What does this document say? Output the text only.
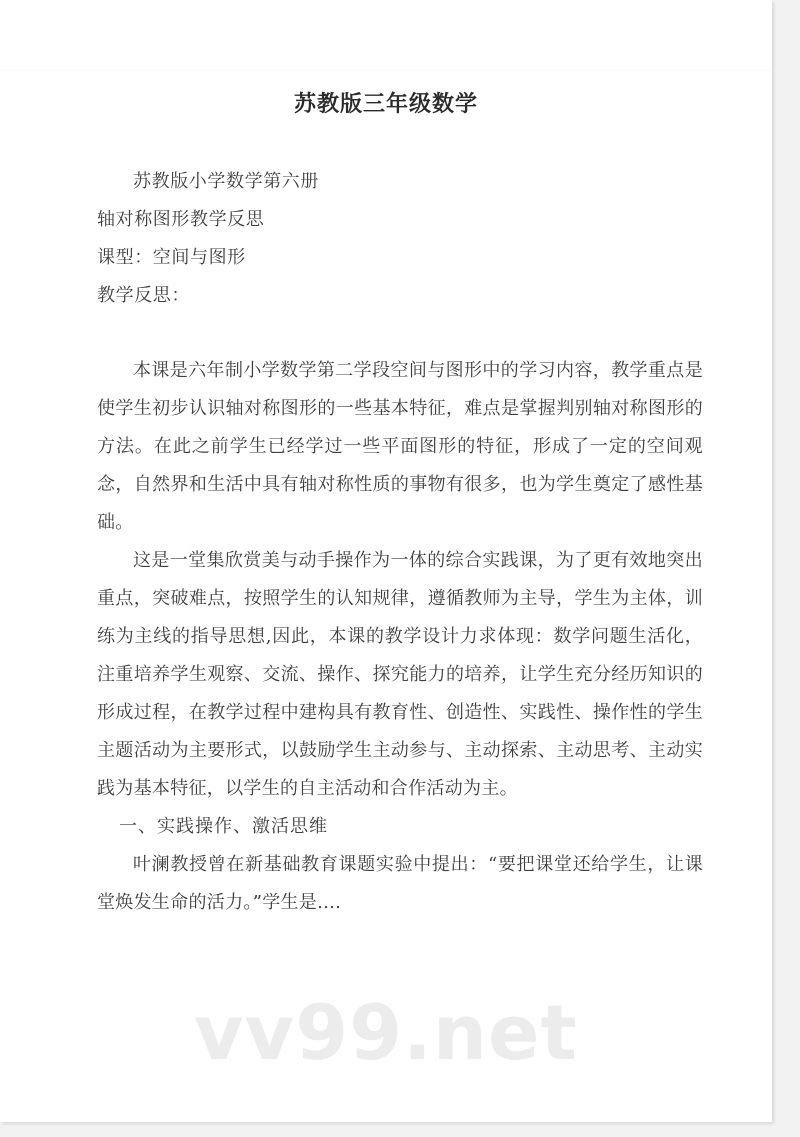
vv99.net
苏教版三年级数学
苏教版小学数学第六册
轴对称图形教学反思
课型：空间与图形
教学反思：

本课是六年制小学数学第二学段空间与图形中的学习内容，教学重点是使学生初步认识轴对称图形的一些基本特征，难点是掌握判别轴对称图形的方法。在此之前学生已经学过一些平面图形的特征，形成了一定的空间观念，自然界和生活中具有轴对称性质的事物有很多，也为学生奠定了感性基础。

这是一堂集欣赏美与动手操作为一体的综合实践课，为了更有效地突出重点，突破难点，按照学生的认知规律，遵循教师为主导，学生为主体，训练为主线的指导思想,因此，本课的教学设计力求体现：数学问题生活化，注重培养学生观察、交流、操作、探究能力的培养，让学生充分经历知识的形成过程，在教学过程中建构具有教育性、创造性、实践性、操作性的学生主题活动为主要形式，以鼓励学生主动参与、主动探索、主动思考、主动实践为基本特征，以学生的自主活动和合作活动为主。

一、实践操作、激活思维

叶澜教授曾在新基础教育课题实验中提出：“要把课堂还给学生，让课堂焕发生命的活力。”学生是....
